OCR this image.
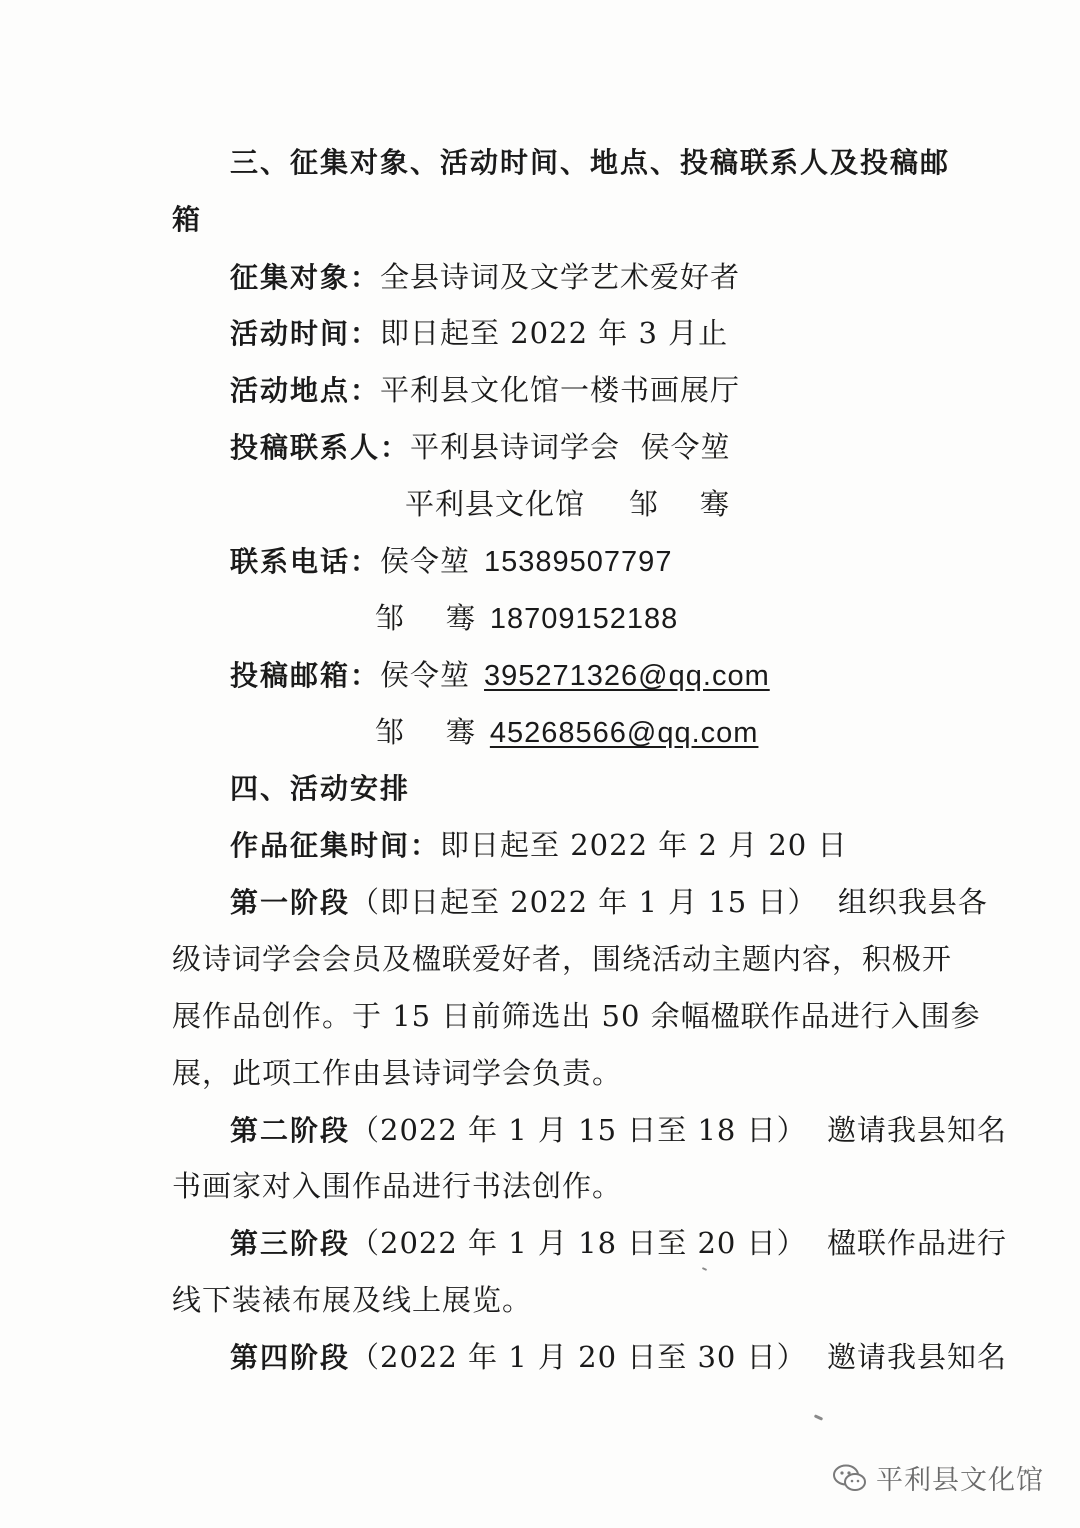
三、征集对象、活动时间、地点、投稿联系人及投稿邮
箱
征集对象：全县诗词及文学艺术爱好者
活动时间：即日起至 2022 年 3 月止
活动地点：平利县文化馆一楼书画展厅
投稿联系人：平利县诗词学会  侯令堃
平利县文化馆 邹    骞
联系电话：侯令堃 15389507797
邹    骞 18709152188
投稿邮箱：侯令堃 395271326@qq.com
邹    骞 45268566@qq.com
四、活动安排
作品征集时间：即日起至 2022 年 2 月 20 日
第一阶段（即日起至 2022 年 1 月 15 日）  组织我县各
级诗词学会会员及楹联爱好者，围绕活动主题内容，积极开
展作品创作。于 15 日前筛选出 50 余幅楹联作品进行入围参
展，此项工作由县诗词学会负责。
第二阶段（2022 年 1 月 15 日至 18 日）  邀请我县知名
书画家对入围作品进行书法创作。
第三阶段（2022 年 1 月 18 日至 20 日）  楹联作品进行
线下装裱布展及线上展览。
第四阶段（2022 年 1 月 20 日至 30 日）  邀请我县知名
平利县文化馆
